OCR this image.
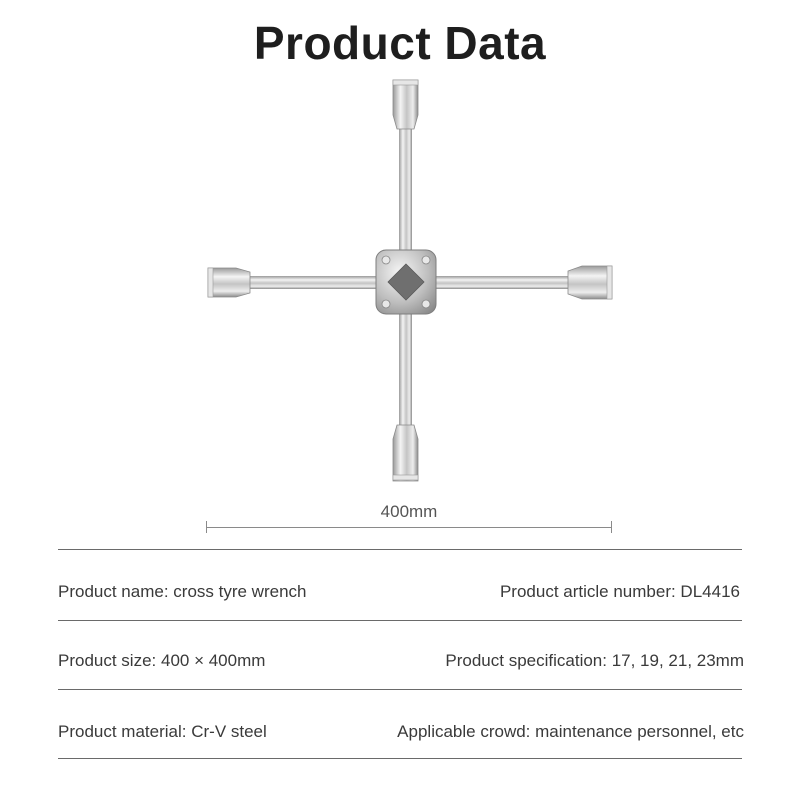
Product Data
400mm
Product name: cross tyre wrench	Product article number: DL4416
Product size: 400 × 400mm	Product specification: 17, 19, 21, 23mm
Product material: Cr-V steel	Applicable crowd: maintenance personnel, etc
